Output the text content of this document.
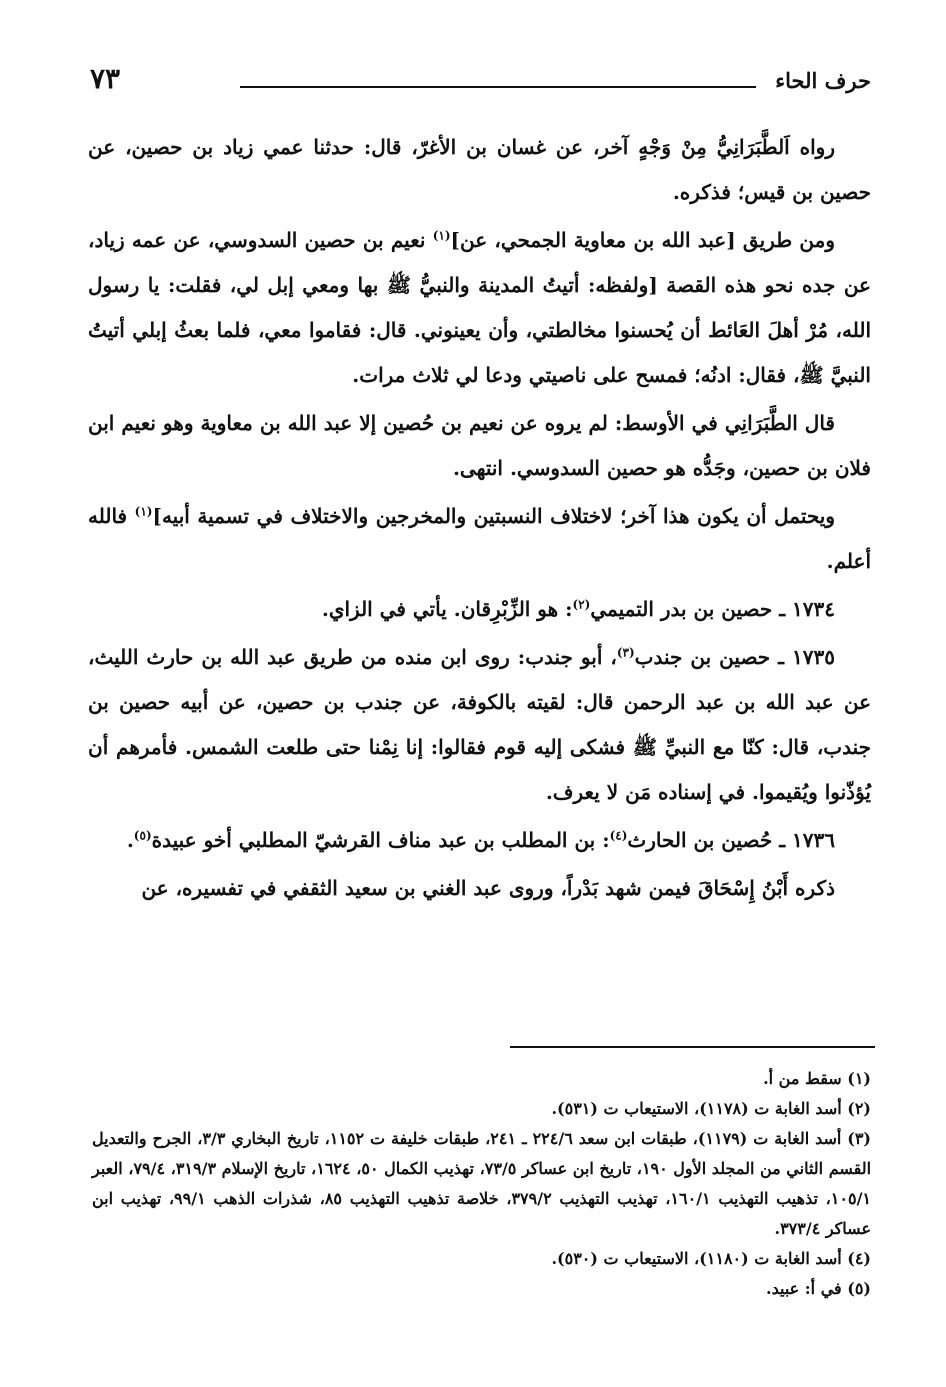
٧٣	حرف الحاء

رواه اَلطَّبَرَانِيُّ مِنْ وَجْهٍ آخر، عن غسان بن الأغرّ، قال: حدثنا عمي زياد بن حصين، عن حصين بن قيس؛ فذكره.

ومن طريق [عبد الله بن معاوية الجمحي، عن]$^{(١)}$ نعيم بن حصين السدوسي، عن عمه زياد، عن جده نحو هذه القصة [ولفظه: أتيتُ المدينة والنبيُّ ﷺ بها ومعي إبل لي، فقلت: يا رسول الله، مُرْ أهلَ العَائط أن يُحسنوا مخالطتي، وأن يعينوني. قال: فقاموا معي، فلما بعثُ إبلي أتيتُ النبيَّ ﷺ، فقال: ادنُه؛ فمسح على ناصيتي ودعا لي ثلاث مرات.

قال الطَّبَرَانِي في الأوسط: لم يروه عن نعيم بن حُصين إلا عبد الله بن معاوية وهو نعيم ابن فلان بن حصين، وجَدُّه هو حصين السدوسي. انتهى.

ويحتمل أن يكون هذا آخر؛ لاختلاف النسبتين والمخرجين والاختلاف في تسمية أبيه]$^{(١)}$ فالله أعلم.

١٧٣٤ ـ حصين بن بدر التميمي$^{(٢)}$: هو الزِّبْرِقان. يأتي في الزاي.

١٧٣٥ ـ حصين بن جندب$^{(٣)}$، أبو جندب: روى ابن منده من طريق عبد الله بن حارث الليث، عن عبد الله بن عبد الرحمن قال: لقيته بالكوفة، عن جندب بن حصين، عن أبيه حصين بن جندب، قال: كنّا مع النبيِّ ﷺ فشكى إليه قوم فقالوا: إنا نِمْنا حتى طلعت الشمس. فأمرهم أن يُؤذّنوا ويُقيموا. في إسناده مَن لا يعرف.

١٧٣٦ ـ حُصين بن الحارث$^{(٤)}$: بن المطلب بن عبد مناف القرشيّ المطلبي أخو عبيدة$^{(٥)}$.

ذكره أَبْنُ إِسْحَاقَ فيمن شهد بَدْراً، وروى عبد الغني بن سعيد الثقفي في تفسيره، عن

(١) سقط من أ.
(٢) أسد الغابة ت (١١٧٨)، الاستيعاب ت (٥٣١).
(٣) أسد الغابة ت (١١٧٩)، طبقات ابن سعد ٢٢٤/٦ ـ ٢٤١، طبقات خليفة ت ١١٥٢، تاريخ البخاري ٣/٣، الجرح والتعديل القسم الثاني من المجلد الأول ١٩٠، تاريخ ابن عساكر ٧٣/٥، تهذيب الكمال ٥٠، ١٦٢٤، تاريخ الإسلام ٣١٩/٣، ٧٩/٤، العبر ١٠٥/١، تذهيب التهذيب ١٦٠/١، تهذيب التهذيب ٣٧٩/٢، خلاصة تذهيب التهذيب ٨٥، شذرات الذهب ٩٩/١، تهذيب ابن عساكر ٣٧٣/٤.
(٤) أسد الغابة ت (١١٨٠)، الاستيعاب ت (٥٣٠).
(٥) في أ: عبيد.
